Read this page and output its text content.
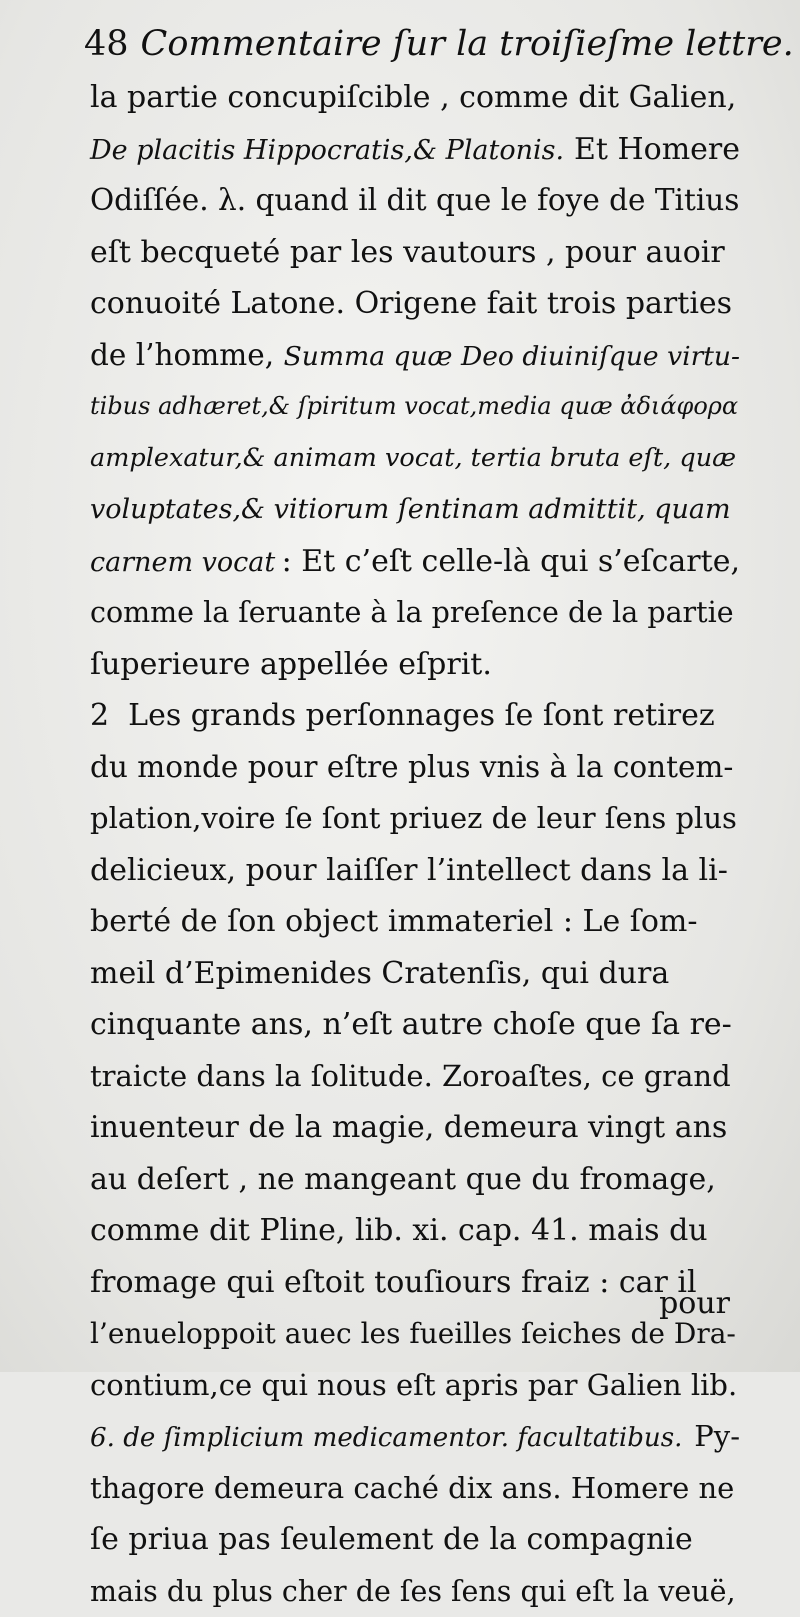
48 Commentaire ſur la troiſieſme lettre.
la partie concupiſcible , comme dit Galien,
De placitis Hippocratis,& Platonis. Et Homere
Odiſſée. λ. quand il dit que le foye de Titius
eſt becqueté par les vautours , pour auoir
conuoité Latone. Origene fait trois parties
de l’homme, Summa quæ Deo diuiniſque virtu-
tibus adhæret,& ſpiritum vocat,media quæ ἀδιάφορα
amplexatur,& animam vocat, tertia bruta eſt, quæ
voluptates,& vitiorum ſentinam admittit, quam
carnem vocat : Et c’eſt celle-là qui s’eſcarte,
comme la ſeruante à la preſence de la partie
ſuperieure appellée eſprit.
2  Les grands perſonnages ſe ſont retirez
du monde pour eſtre plus vnis à la contem-
plation,voire ſe ſont priuez de leur ſens plus
delicieux, pour laiſſer l’intellect dans la li-
berté de ſon object immateriel : Le ſom-
meil d’Epimenides Cratenſis, qui dura
cinquante ans, n’eſt autre choſe que ſa re-
traicte dans la ſolitude. Zoroaſtes, ce grand
inuenteur de la magie, demeura vingt ans
au deſert , ne mangeant que du fromage,
comme dit Pline, lib. xi. cap. 41. mais du
fromage qui eſtoit touſiours fraiz : car il
l’enueloppoit auec les fueilles ſeiches de Dra-
contium,ce qui nous eſt apris par Galien lib.
6. de ſimplicium medicamentor. facultatibus. Py-
thagore demeura caché dix ans. Homere ne
ſe priua pas ſeulement de la compagnie
mais du plus cher de ſes ſens qui eſt la veuë,
pour
